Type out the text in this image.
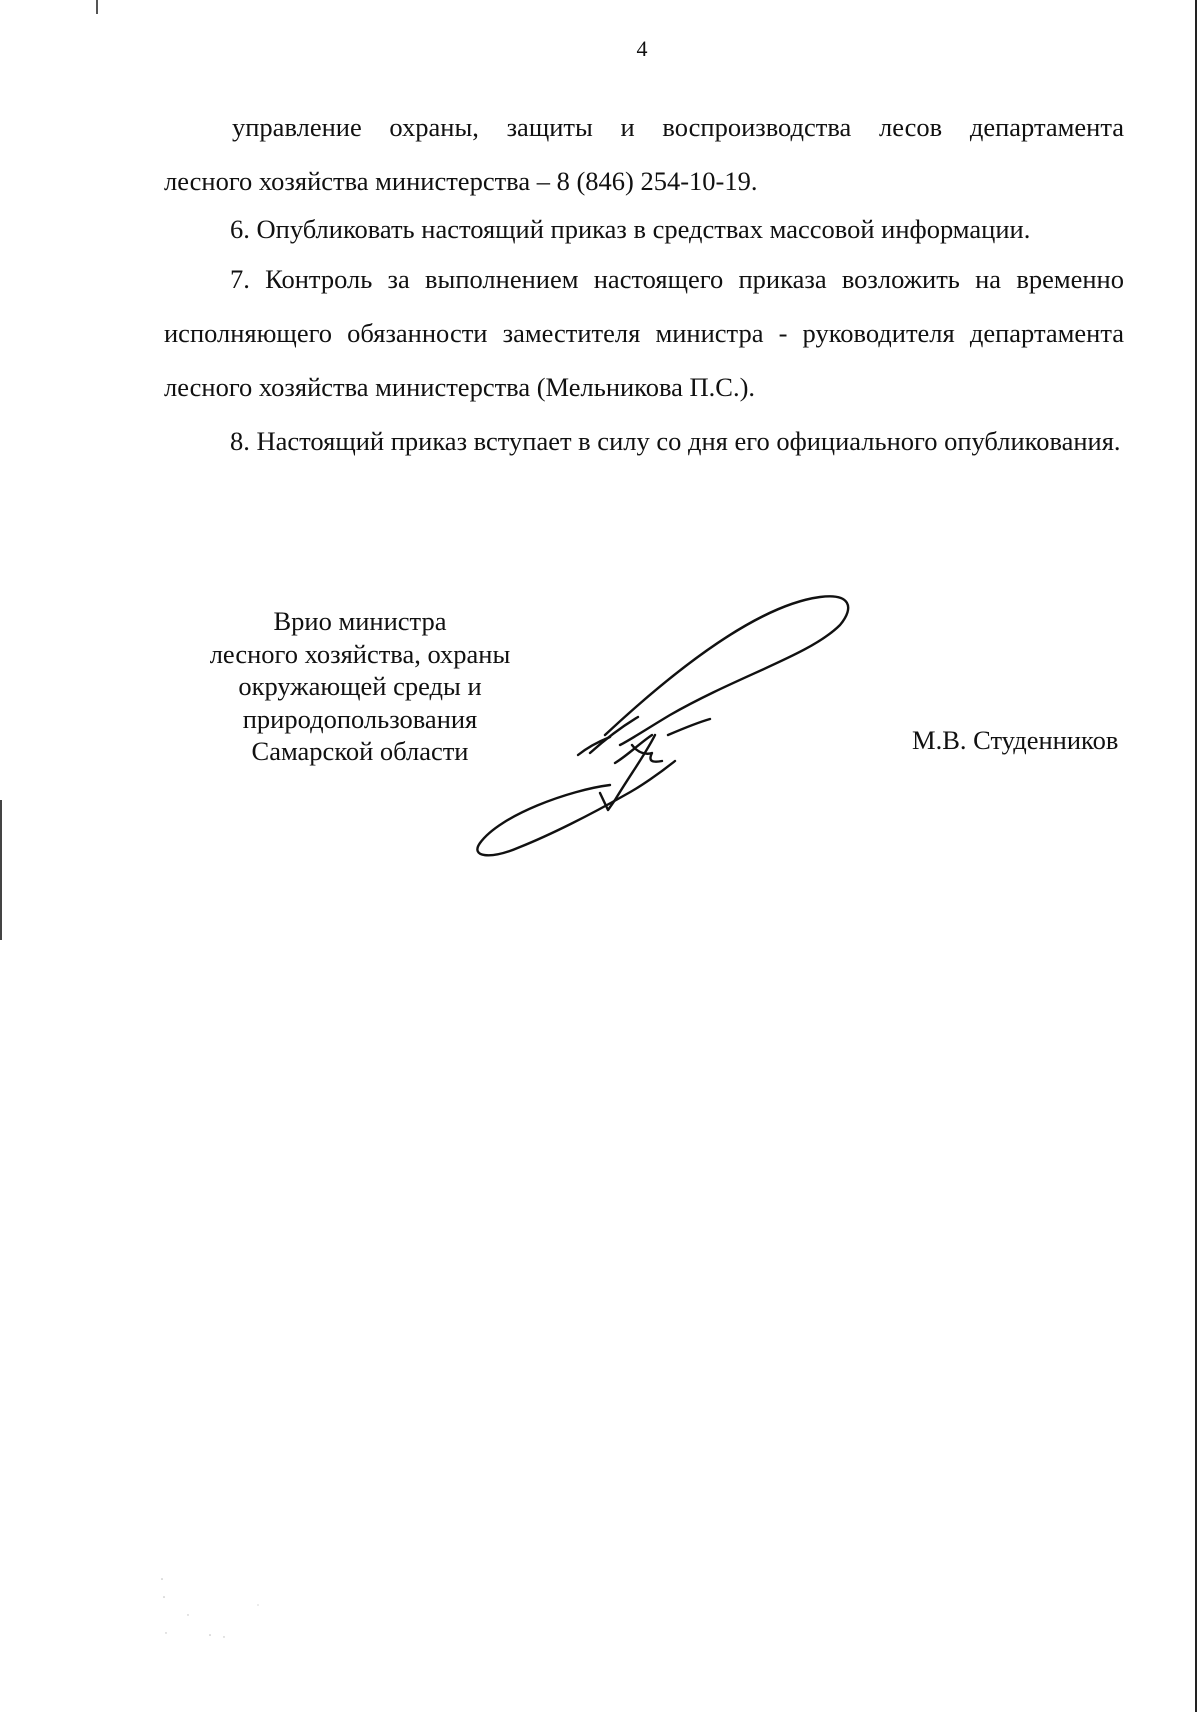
4

управление охраны, защиты и воспроизводства лесов департамента
лесного хозяйства министерства – 8 (846) 254-10-19.

6. Опубликовать настоящий приказ в средствах массовой информации.

7. Контроль за выполнением настоящего приказа возложить на временно исполняющего обязанности заместителя министра - руководителя департамента лесного хозяйства министерства (Мельникова П.С.).

8. Настоящий приказ вступает в силу со дня его официального опубликования.

Врио министра
лесного хозяйства, охраны
окружающей среды и
природопользования
Самарской области	М.В. Студенников
